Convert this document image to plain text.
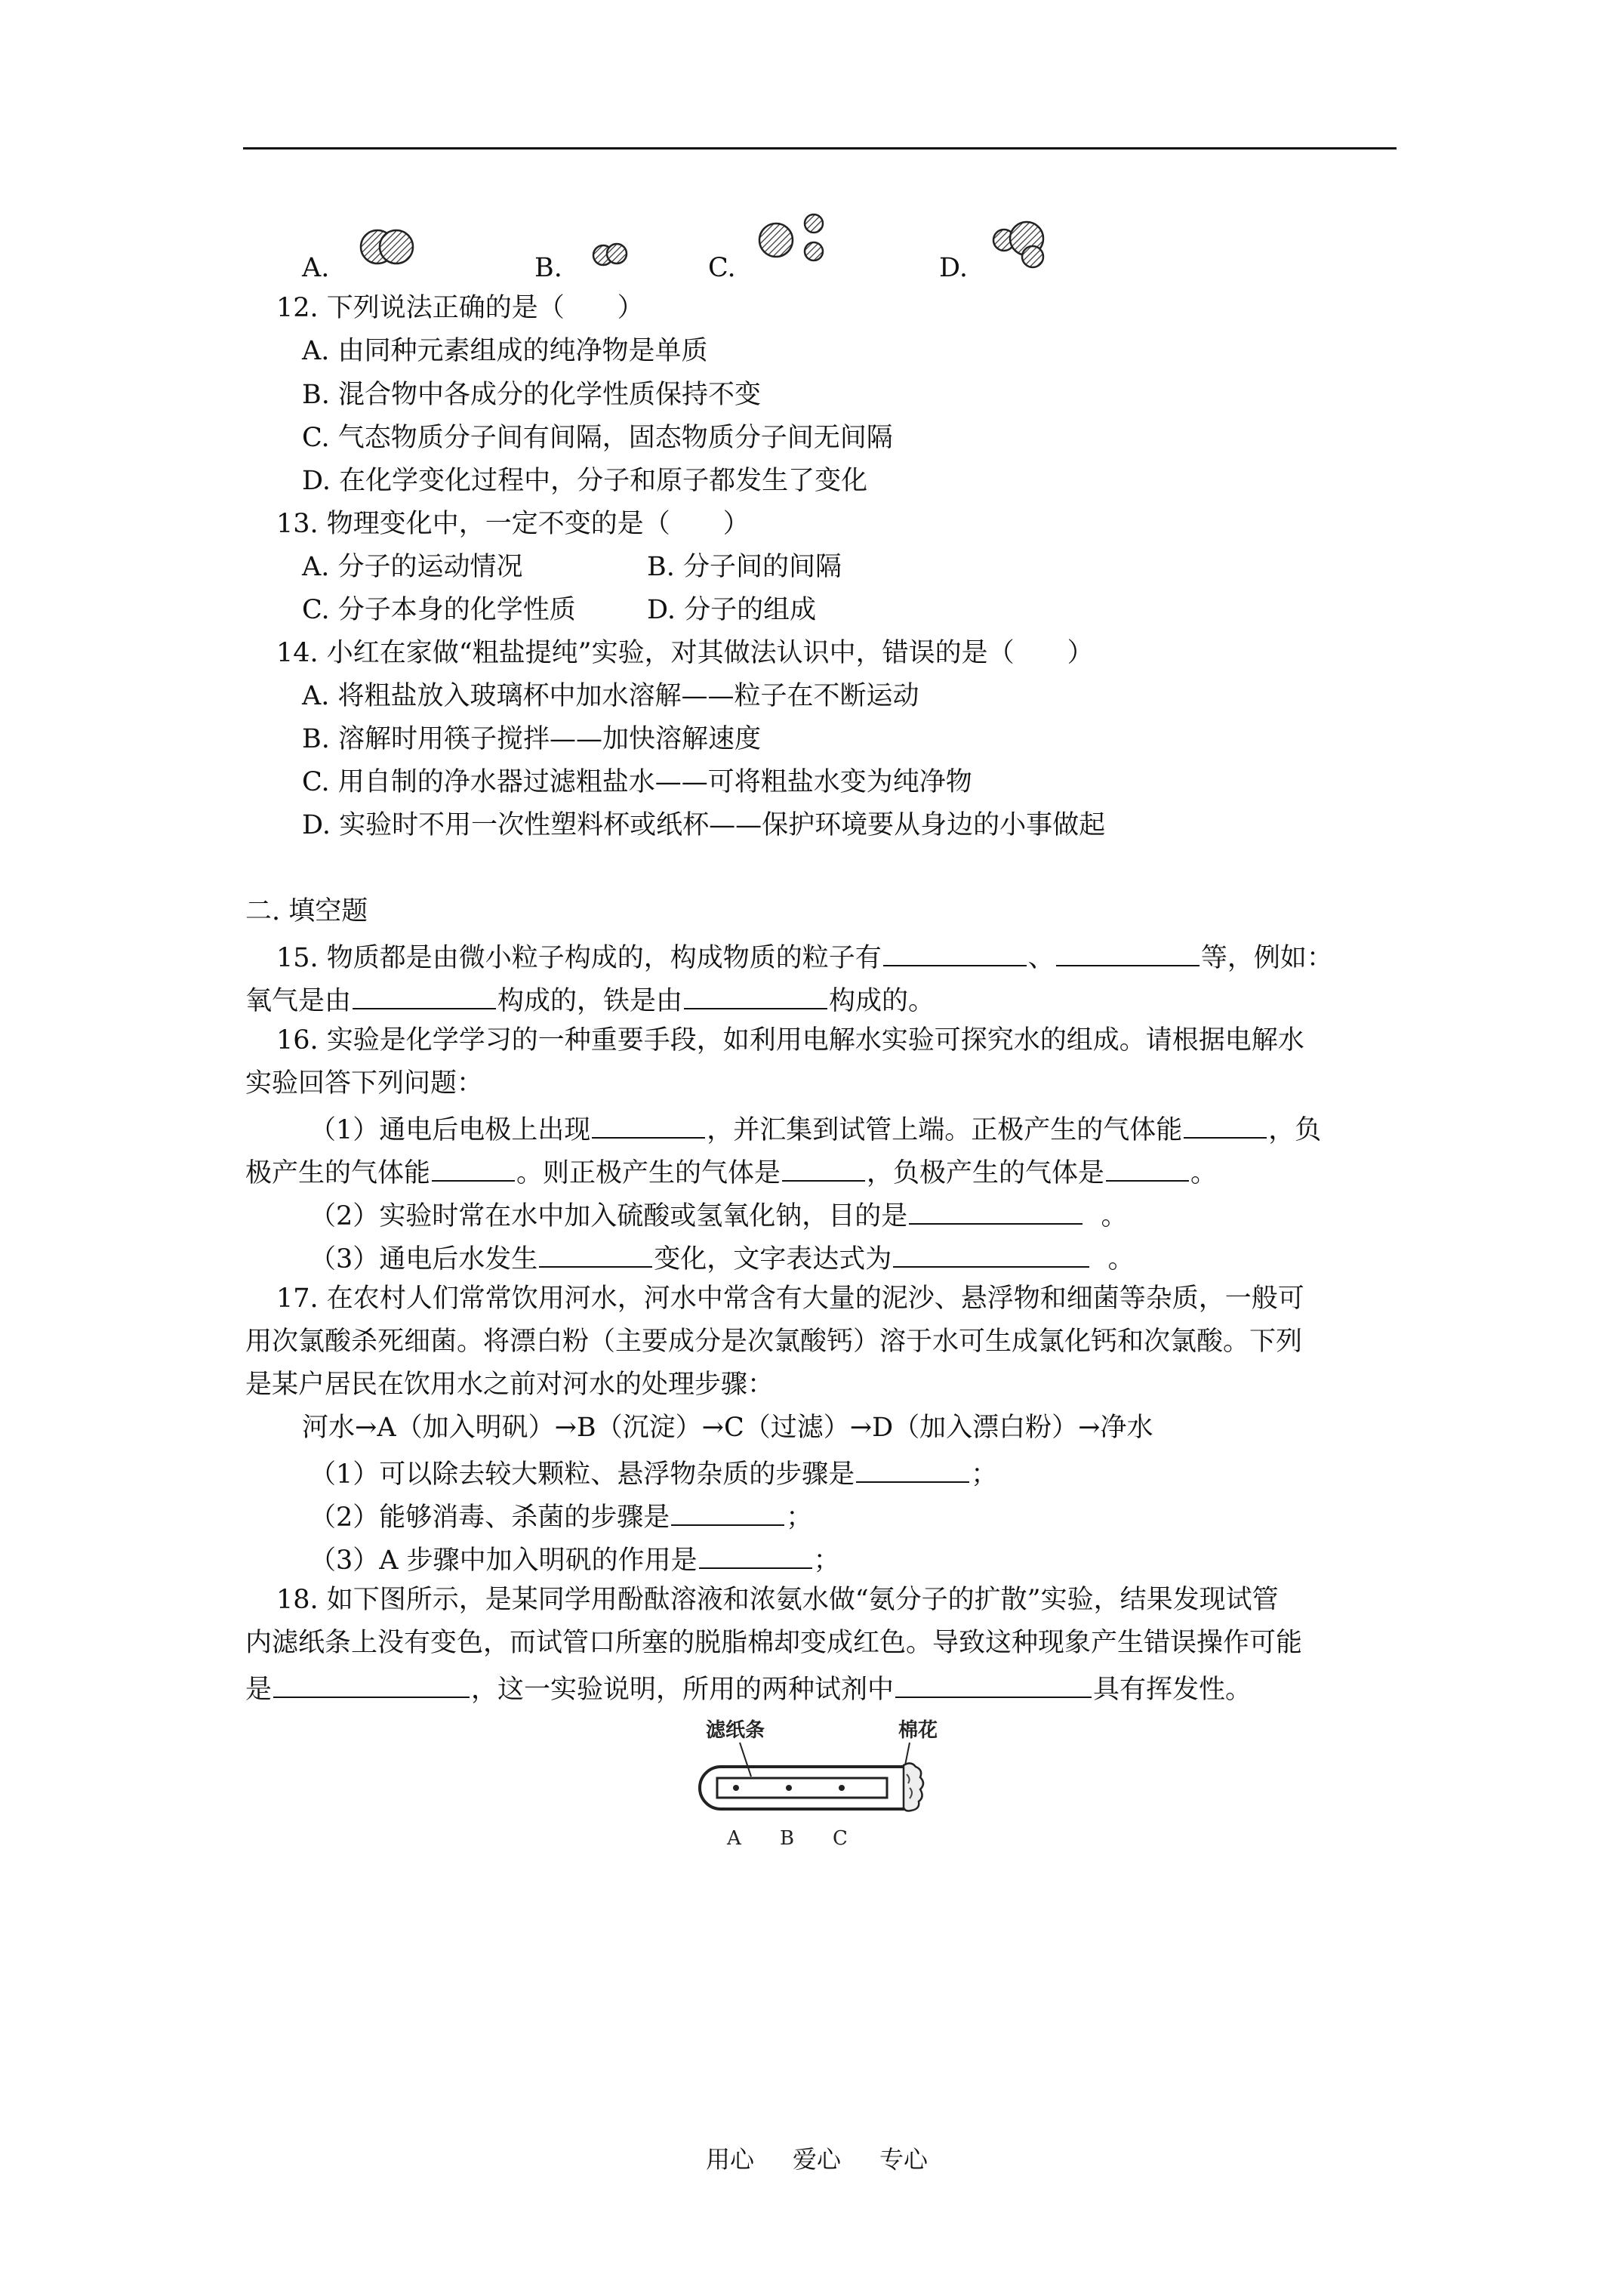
A.	B.	C.	D.
12. 下列说法正确的是（　　）
A. 由同种元素组成的纯净物是单质
B. 混合物中各成分的化学性质保持不变
C. 气态物质分子间有间隔，固态物质分子间无间隔
D. 在化学变化过程中，分子和原子都发生了变化
13. 物理变化中，一定不变的是（　　）
A. 分子的运动情况	B. 分子间的间隔
C. 分子本身的化学性质	D. 分子的组成
14. 小红在家做“粗盐提纯”实验，对其做法认识中，错误的是（　　）
A. 将粗盐放入玻璃杯中加水溶解——粒子在不断运动
B. 溶解时用筷子搅拌——加快溶解速度
C. 用自制的净水器过滤粗盐水——可将粗盐水变为纯净物
D. 实验时不用一次性塑料杯或纸杯——保护环境要从身边的小事做起
二. 填空题
15. 物质都是由微小粒子构成的，构成物质的粒子有	、	等，例如：
氧气是由	构成的，铁是由	构成的。
16. 实验是化学学习的一种重要手段，如利用电解水实验可探究水的组成。请根据电解水
实验回答下列问题：
（1）通电后电极上出现	，并汇集到试管上端。正极产生的气体能	，负
极产生的气体能	。则正极产生的气体是	，负极产生的气体是	。
（2）实验时常在水中加入硫酸或氢氧化钠，目的是	。
（3）通电后水发生	变化，文字表达式为	。
17. 在农村人们常常饮用河水，河水中常含有大量的泥沙、悬浮物和细菌等杂质，一般可
用次氯酸杀死细菌。将漂白粉（主要成分是次氯酸钙）溶于水可生成氯化钙和次氯酸。下列
是某户居民在饮用水之前对河水的处理步骤：
河水→A（加入明矾）→B（沉淀）→C（过滤）→D（加入漂白粉）→净水
（1）可以除去较大颗粒、悬浮物杂质的步骤是	；
（2）能够消毒、杀菌的步骤是	；
（3）A 步骤中加入明矾的作用是	；
18. 如下图所示，是某同学用酚酞溶液和浓氨水做“氨分子的扩散”实验，结果发现试管
内滤纸条上没有变色，而试管口所塞的脱脂棉却变成红色。导致这种现象产生错误操作可能
是	，这一实验说明，所用的两种试剂中	具有挥发性。
滤纸条	棉花
A B C
用心 爱心 专心
